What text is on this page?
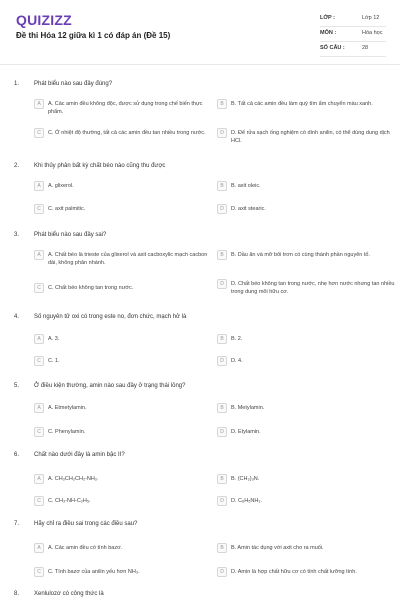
QUIZIZZ
Đề thi Hóa 12 giữa kì 1 có đáp án (Đề 15)
LỚP :	Lớp 12
MÔN :	Hóa học
SỐ CÂU :	28
1. Phát biểu nào sau đây đúng?
A	A. Các amin đều không độc, được sử dụng trong chế biến thực phẩm.
B	B. Tất cả các amin đều làm quỳ tím ẩm chuyển màu xanh.
C	C. Ở nhiệt độ thường, tất cả các amin đều tan nhiều trong nước.	D	D. Để rửa sạch ống nghiệm có dính anilin, có thể dùng dung dịch HCl.
2. Khi thủy phân bất kỳ chất béo nào cũng thu được
A	A. glixerol.	B	B. axit oleic.
C	C. axit palmitic.	D	D. axit stearic.
3. Phát biểu nào sau đây sai?
A	A. Chất béo là trieste của glixerol và axit cacboxylic mạch cacbon dài, không phân nhánh.
B	B. Dầu ăn và mỡ bôi trơn có cùng thành phần nguyên tố.
C	C. Chất béo không tan trong nước.
D	D. Chất béo không tan trong nước, nhẹ hơn nước nhưng tan nhiều trong dung môi hữu cơ.
4. Số nguyên tử oxi có trong este no, đơn chức, mạch hở là
A	A. 3.	B	B. 2.
C	C. 1.	D	D. 4.
5. Ở điều kiện thường, amin nào sau đây ở trạng thái lỏng?
A	A. Etmetylamin.	B	B. Metylamin.
C	C. Phenylamin.	D	D. Etylamin.
6. Chất nào dưới đây là amin bậc II?
A	A. CH₃CH₂CH₂-NH₂.	B	B. (CH₃)₃N.
C	C. CH₃-NH-C₂H₅.	D	D. C₆H₅NH₂.
7. Hãy chỉ ra điều sai trong các điều sau?
A	A. Các amin đều có tính bazơ.	B	B. Amin tác dụng với axit cho ra muối.
C	C. Tính bazơ của anilin yếu hơn NH₃.	D	D. Amin là hợp chất hữu cơ có tính chất lưỡng tính.
8. Xenlulozơ có công thức là
